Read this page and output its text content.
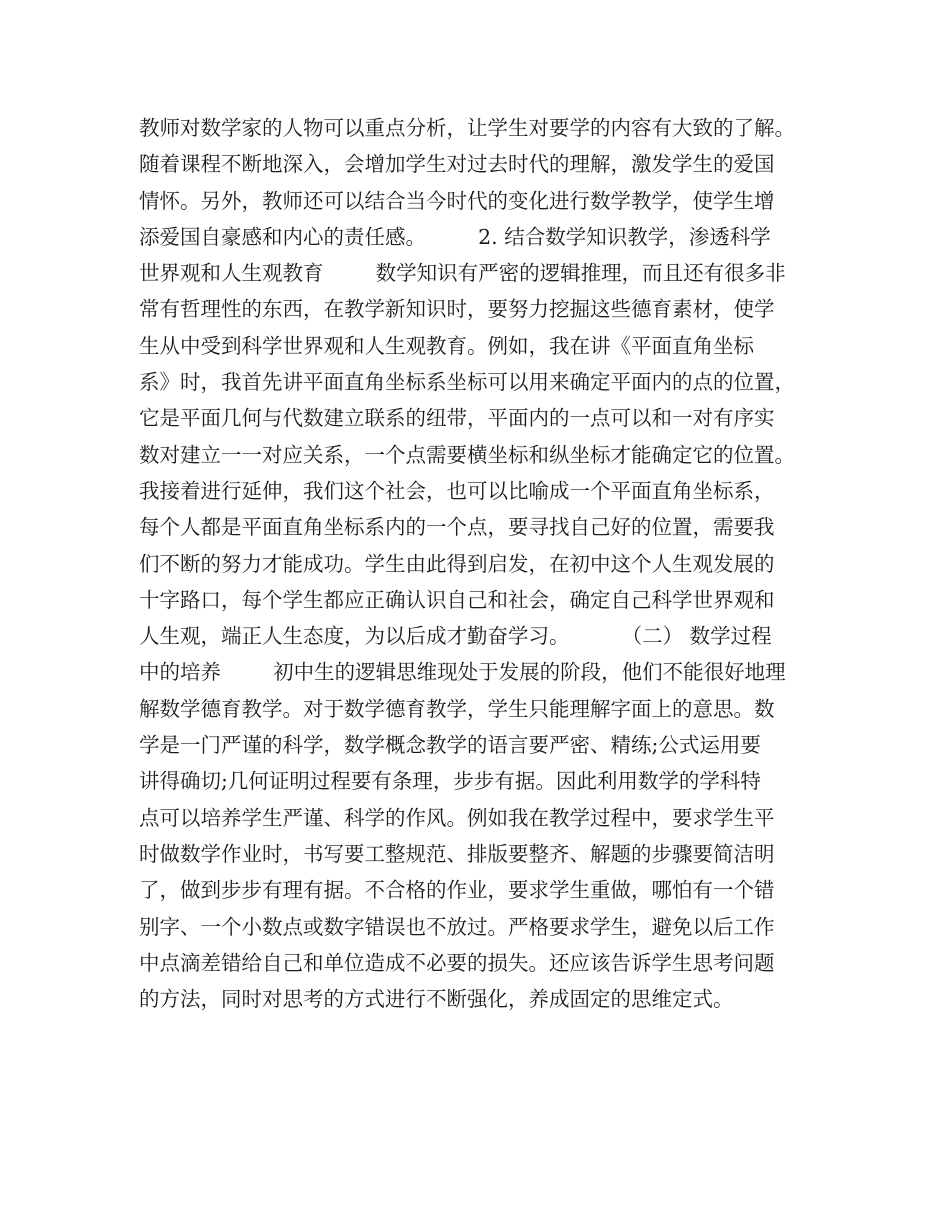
教师对数学家的人物可以重点分析，让学生对要学的内容有大致的了解。
随着课程不断地深入，会增加学生对过去时代的理解，激发学生的爱国
情怀。另外，教师还可以结合当今时代的变化进行数学教学，使学生增
添爱国自豪感和内心的责任感。        2. 结合数学知识教学，渗透科学
世界观和人生观教育        数学知识有严密的逻辑推理，而且还有很多非
常有哲理性的东西，在教学新知识时，要努力挖掘这些德育素材，使学
生从中受到科学世界观和人生观教育。例如，我在讲《平面直角坐标
系》时，我首先讲平面直角坐标系坐标可以用来确定平面内的点的位置，
它是平面几何与代数建立联系的纽带，平面内的一点可以和一对有序实
数对建立一一对应关系，一个点需要横坐标和纵坐标才能确定它的位置。
我接着进行延伸，我们这个社会，也可以比喻成一个平面直角坐标系，
每个人都是平面直角坐标系内的一个点，要寻找自己好的位置，需要我
们不断的努力才能成功。学生由此得到启发，在初中这个人生观发展的
十字路口，每个学生都应正确认识自己和社会，确定自己科学世界观和
人生观，端正人生态度，为以后成才勤奋学习。        （二） 数学过程
中的培养        初中生的逻辑思维现处于发展的阶段，他们不能很好地理
解数学德育教学。对于数学德育教学，学生只能理解字面上的意思。数
学是一门严谨的科学，数学概念教学的语言要严密、精练;公式运用要
讲得确切;几何证明过程要有条理，步步有据。因此利用数学的学科特
点可以培养学生严谨、科学的作风。例如我在教学过程中，要求学生平
时做数学作业时，书写要工整规范、排版要整齐、解题的步骤要简洁明
了，做到步步有理有据。不合格的作业，要求学生重做，哪怕有一个错
别字、一个小数点或数字错误也不放过。严格要求学生，避免以后工作
中点滴差错给自己和单位造成不必要的损失。还应该告诉学生思考问题
的方法，同时对思考的方式进行不断强化，养成固定的思维定式。
